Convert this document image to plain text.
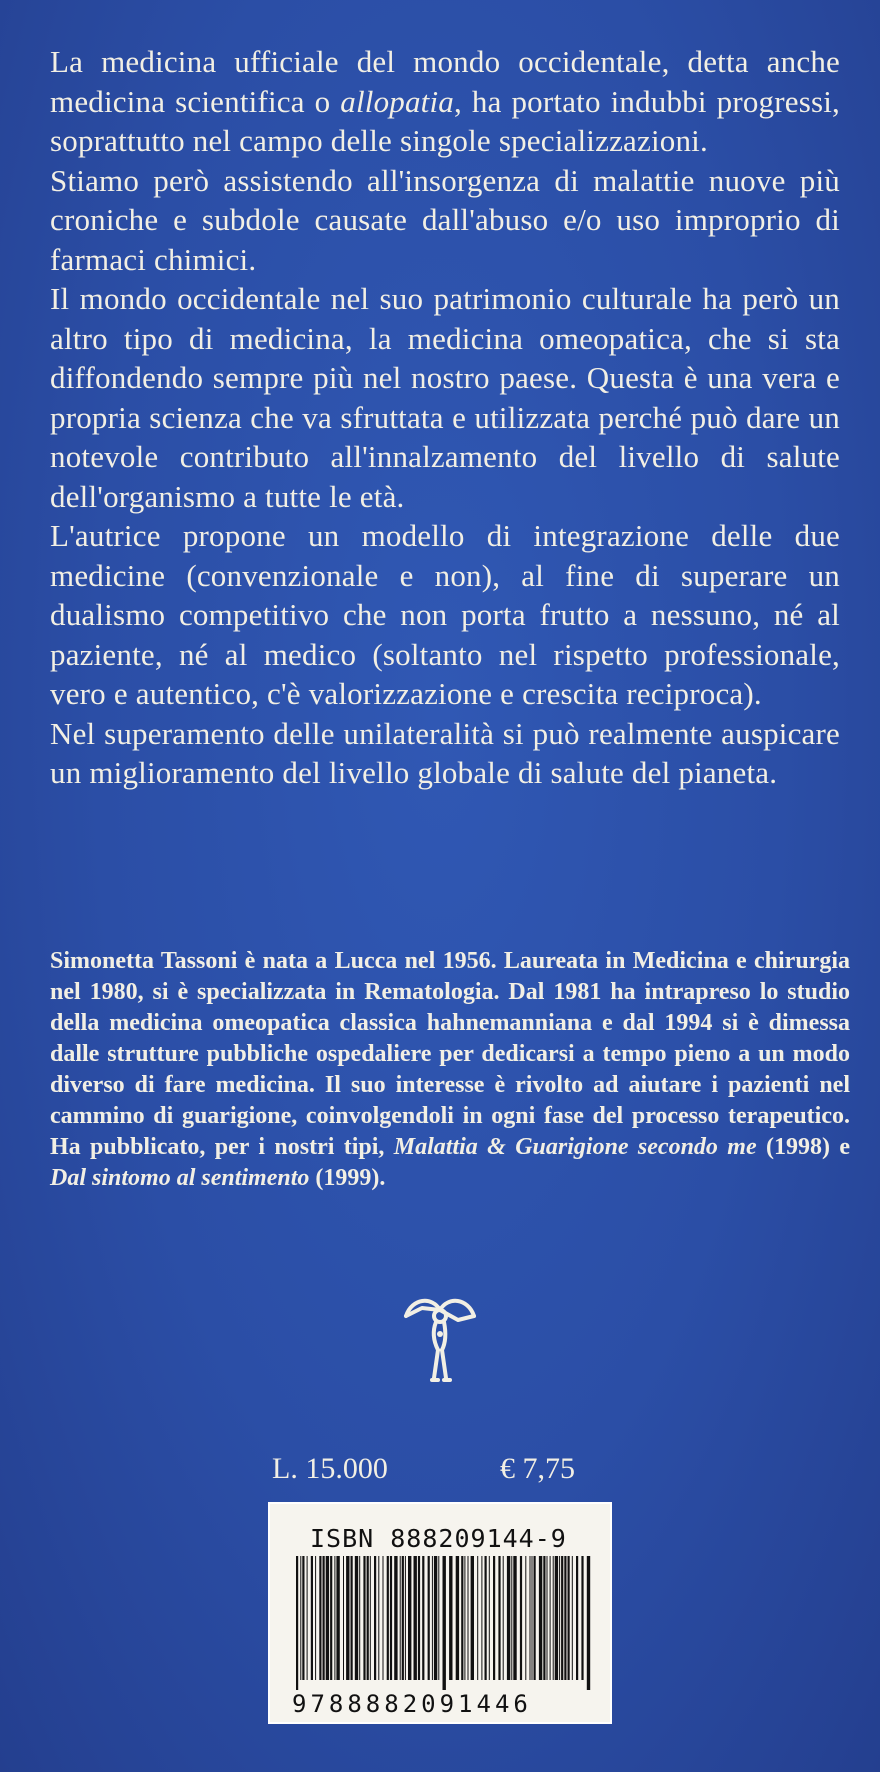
La medicina ufficiale del mondo occidentale, detta anche medicina scientifica o allopatia, ha portato indubbi progressi, soprattutto nel campo delle singole specializzazioni.

Stiamo però assistendo all'insorgenza di malattie nuove più croniche e subdole causate dall'abuso e/o uso improprio di farmaci chimici.

Il mondo occidentale nel suo patrimonio culturale ha però un altro tipo di medicina, la medicina omeopatica, che si sta diffondendo sempre più nel nostro paese. Questa è una vera e propria scienza che va sfruttata e utilizzata perché può dare un notevole contributo all'innalzamento del livello di salute dell'organismo a tutte le età.

L'autrice propone un modello di integrazione delle due medicine (convenzionale e non), al fine di superare un dualismo competitivo che non porta frutto a nessuno, né al paziente, né al medico (soltanto nel rispetto professionale, vero e autentico, c'è valorizzazione e crescita reciproca).

Nel superamento delle unilateralità si può realmente auspicare un miglioramento del livello globale di salute del pianeta.

Simonetta Tassoni è nata a Lucca nel 1956. Laureata in Medicina e chirurgia nel 1980, si è specializzata in Rematologia. Dal 1981 ha intrapreso lo studio della medicina omeopatica classica hahnemanniana e dal 1994 si è dimessa dalle strutture pubbliche ospedaliere per dedicarsi a tempo pieno a un modo diverso di fare medicina. Il suo interesse è rivolto ad aiutare i pazienti nel cammino di guarigione, coinvolgendoli in ogni fase del processo terapeutico. Ha pubblicato, per i nostri tipi, Malattia & Guarigione secondo me (1998) e Dal sintomo al sentimento (1999).
L. 15.000	€ 7,75
ISBN 888209144-9
9788882091446
